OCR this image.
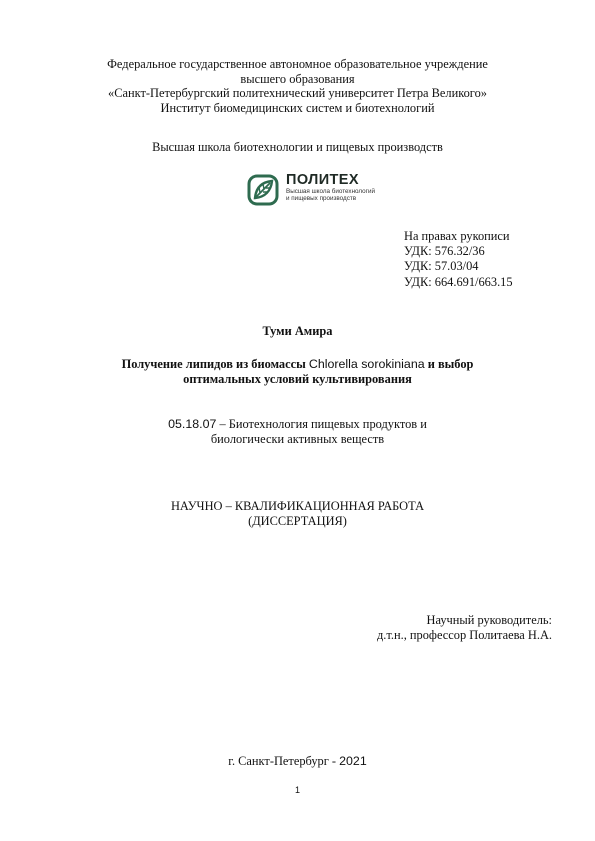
Федеральное государственное автономное образовательное учреждение
высшего образования
«Санкт-Петербургский политехнический университет Петра Великого»
Институт биомедицинских систем и биотехнологий
Высшая школа биотехнологии и пищевых производств
ПОЛИТЕХ
Высшая школа биотехнологий
и пищевых производств
На правах рукописи
УДК: 576.32/36
УДК: 57.03/04
УДК: 664.691/663.15
Туми Амира
Получение липидов из биомассы Chlorella sorokiniana и выбор
оптимальных условий культивирования
05.18.07 – Биотехнология пищевых продуктов и
биологически активных веществ
НАУЧНО – КВАЛИФИКАЦИОННАЯ РАБОТА
(ДИССЕРТАЦИЯ)
Научный руководитель:
д.т.н., профессор Политаева Н.А.
г. Санкт-Петербург - 2021
1
